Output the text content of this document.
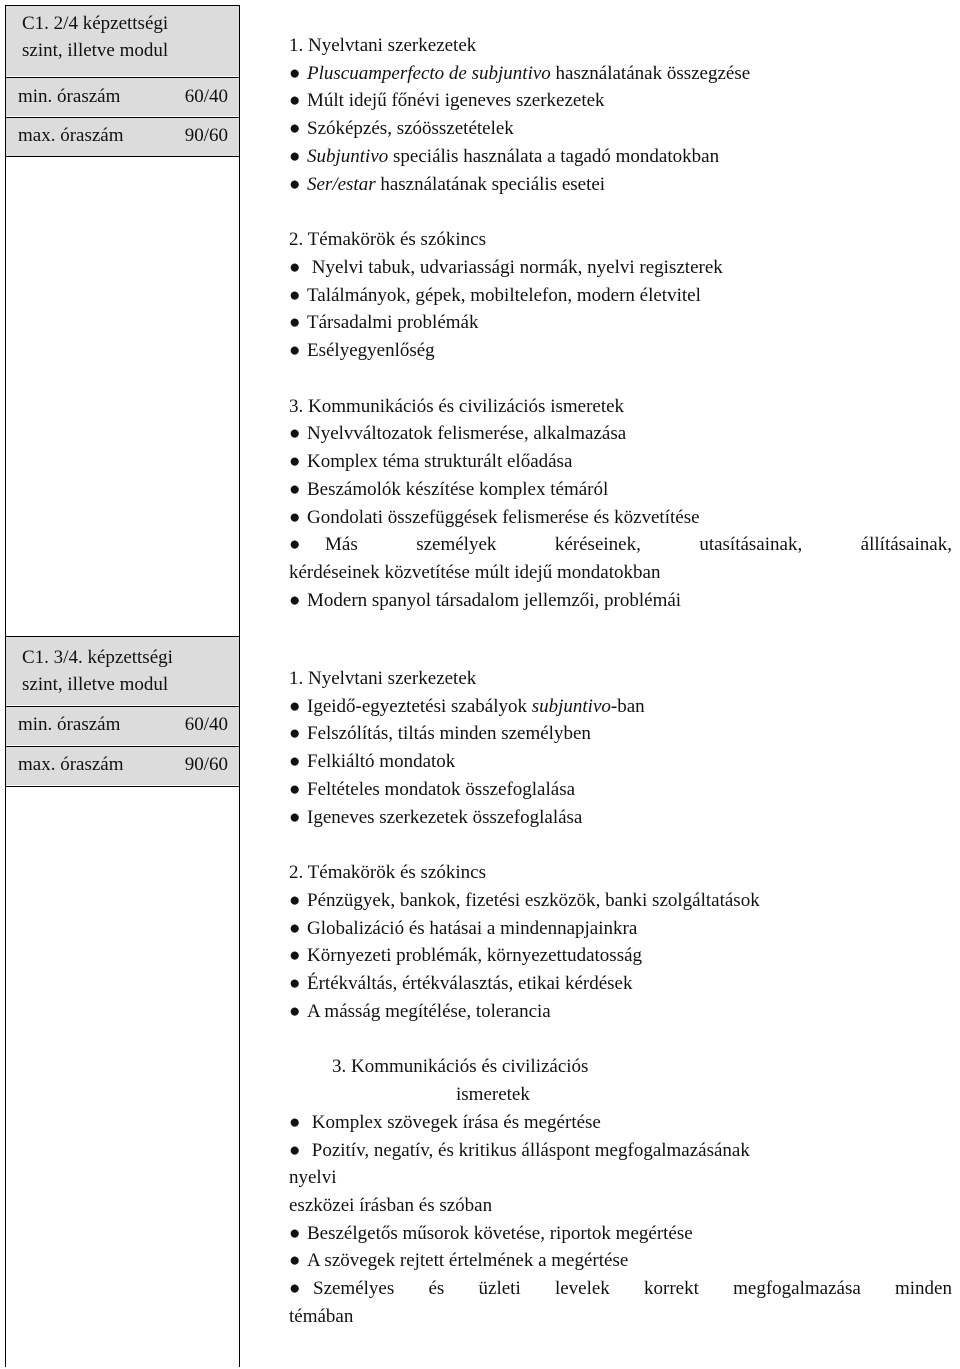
C1. 2/4 képzettségi
szint, illetve modul
min. óraszám	60/40
max. óraszám	90/60
1. Nyelvtani szerkezetek
● Pluscuamperfecto de subjuntivo használatának összegzése
● Múlt idejű főnévi igeneves szerkezetek
● Szóképzés, szóösszetételek
● Subjuntivo speciális használata a tagadó mondatokban
● Ser/estar használatának speciális esetei
2. Témakörök és szókincs
● Nyelvi tabuk, udvariassági normák, nyelvi regiszterek
● Találmányok, gépek, mobiltelefon, modern életvitel
● Társadalmi problémák
● Esélyegyenlőség
3. Kommunikációs és civilizációs ismeretek
● Nyelvváltozatok felismerése, alkalmazása
● Komplex téma strukturált előadása
● Beszámolók készítése komplex témáról
● Gondolati összefüggések felismerése és közvetítése
●	Más	személyek	kéréseinek,	utasításainak,	állításainak,
kérdéseinek közvetítése múlt idejű mondatokban
● Modern spanyol társadalom jellemzői, problémái
C1. 3/4. képzettségi
szint, illetve modul
min. óraszám	60/40
max. óraszám	90/60
1. Nyelvtani szerkezetek
● Igeidő-egyeztetési szabályok subjuntivo-ban
● Felszólítás, tiltás minden személyben
● Felkiáltó mondatok
● Feltételes mondatok összefoglalása
● Igeneves szerkezetek összefoglalása
2. Témakörök és szókincs
● Pénzügyek, bankok, fizetési eszközök, banki szolgáltatások
● Globalizáció és hatásai a mindennapjainkra
● Környezeti problémák, környezettudatosság
● Értékváltás, értékválasztás, etikai kérdések
● A másság megítélése, tolerancia
3. Kommunikációs és civilizációs
ismeretek
● Komplex szövegek írása és megértése
● Pozitív, negatív, és kritikus álláspont megfogalmazásának
nyelvi
eszközei írásban és szóban
● Beszélgetős műsorok követése, riportok megértése
● A szövegek rejtett értelmének a megértése
● Személyes és üzleti levelek korrekt megfogalmazása minden
témában
